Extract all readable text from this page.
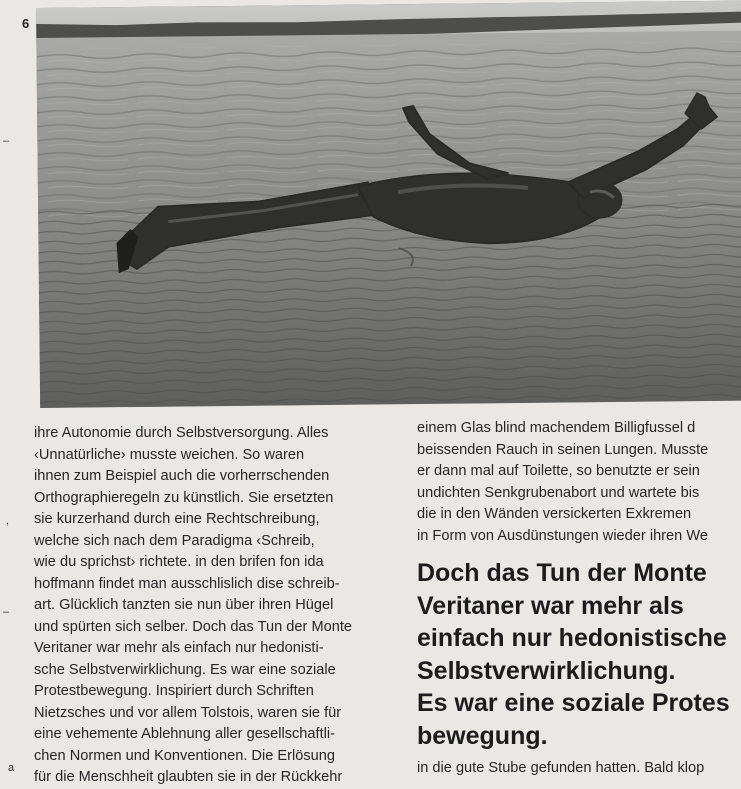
6
–
,
–
a
ihre Autonomie durch Selbstversorgung. Alles
‹Unnatürliche› musste weichen. So waren
ihnen zum Beispiel auch die vorherrschenden
Orthographieregeln zu künstlich. Sie ersetzten
sie kurzerhand durch eine Rechtschreibung,
welche sich nach dem Paradigma ‹Schreib,
wie du sprichst› richtete. in den brifen fon ida
hoffmann findet man ausschlislich dise schreib-
art. Glücklich tanzten sie nun über ihren Hügel
und spürten sich selber. Doch das Tun der Monte
Veritaner war mehr als einfach nur hedonisti-
sche Selbstverwirklichung. Es war eine soziale
Protestbewegung. Inspiriert durch Schriften
Nietzsches und vor allem Tolstois, waren sie für
eine vehemente Ablehnung aller gesellschaftli-
chen Normen und Konventionen. Die Erlösung
für die Menschheit glaubten sie in der Rückkehr
einem Glas blind machendem Billigfussel d
beissenden Rauch in seinen Lungen. Musste
er dann mal auf Toilette, so benutzte er sein
undichten Senkgrubenabort und wartete bis
die in den Wänden versickerten Exkremen
in Form von Ausdünstungen wieder ihren We
Doch das Tun der Monte
Veritaner war mehr als
einfach nur hedonistische
Selbstverwirklichung.
Es war eine soziale Protes
bewegung.
in die gute Stube gefunden hatten. Bald klop
